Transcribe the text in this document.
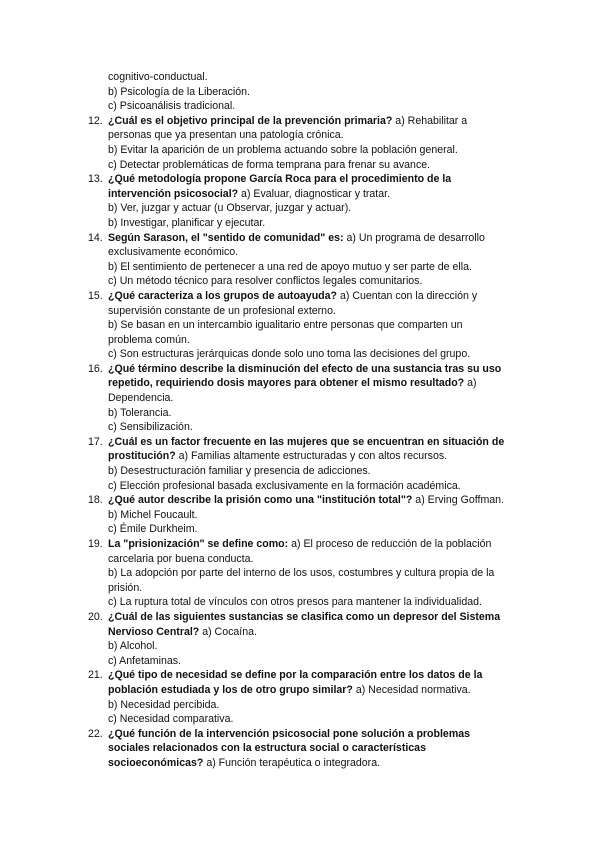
cognitivo-conductual.
b) Psicología de la Liberación.
c) Psicoanálisis tradicional.
12. ¿Cuál es el objetivo principal de la prevención primaria? a) Rehabilitar a
personas que ya presentan una patología crónica.
b) Evitar la aparición de un problema actuando sobre la población general.
c) Detectar problemáticas de forma temprana para frenar su avance.
13. ¿Qué metodología propone García Roca para el procedimiento de la
intervención psicosocial? a) Evaluar, diagnosticar y tratar.
b) Ver, juzgar y actuar (u Observar, juzgar y actuar).
b) Investigar, planificar y ejecutar.
14. Según Sarason, el "sentido de comunidad" es: a) Un programa de desarrollo
exclusivamente económico.
b) El sentimiento de pertenecer a una red de apoyo mutuo y ser parte de ella.
c) Un método técnico para resolver conflictos legales comunitarios.
15. ¿Qué caracteriza a los grupos de autoayuda? a) Cuentan con la dirección y
supervisión constante de un profesional externo.
b) Se basan en un intercambio igualitario entre personas que comparten un
problema común.
c) Son estructuras jerárquicas donde solo uno toma las decisiones del grupo.
16. ¿Qué término describe la disminución del efecto de una sustancia tras su uso
repetido, requiriendo dosis mayores para obtener el mismo resultado? a)
Dependencia.
b) Tolerancia.
c) Sensibilización.
17. ¿Cuál es un factor frecuente en las mujeres que se encuentran en situación de
prostitución? a) Familias altamente estructuradas y con altos recursos.
b) Desestructuración familiar y presencia de adicciones.
c) Elección profesional basada exclusivamente en la formación académica.
18. ¿Qué autor describe la prisión como una "institución total"? a) Erving Goffman.
b) Michel Foucault.
c) Émile Durkheim.
19. La "prisionización" se define como: a) El proceso de reducción de la población
carcelaria por buena conducta.
b) La adopción por parte del interno de los usos, costumbres y cultura propia de la
prisión.
c) La ruptura total de vínculos con otros presos para mantener la individualidad.
20. ¿Cuál de las siguientes sustancias se clasifica como un depresor del Sistema
Nervioso Central? a) Cocaína.
b) Alcohol.
c) Anfetaminas.
21. ¿Qué tipo de necesidad se define por la comparación entre los datos de la
población estudiada y los de otro grupo similar? a) Necesidad normativa.
b) Necesidad percibida.
c) Necesidad comparativa.
22. ¿Qué función de la intervención psicosocial pone solución a problemas
sociales relacionados con la estructura social o características
socioeconómicas? a) Función terapéutica o integradora.
